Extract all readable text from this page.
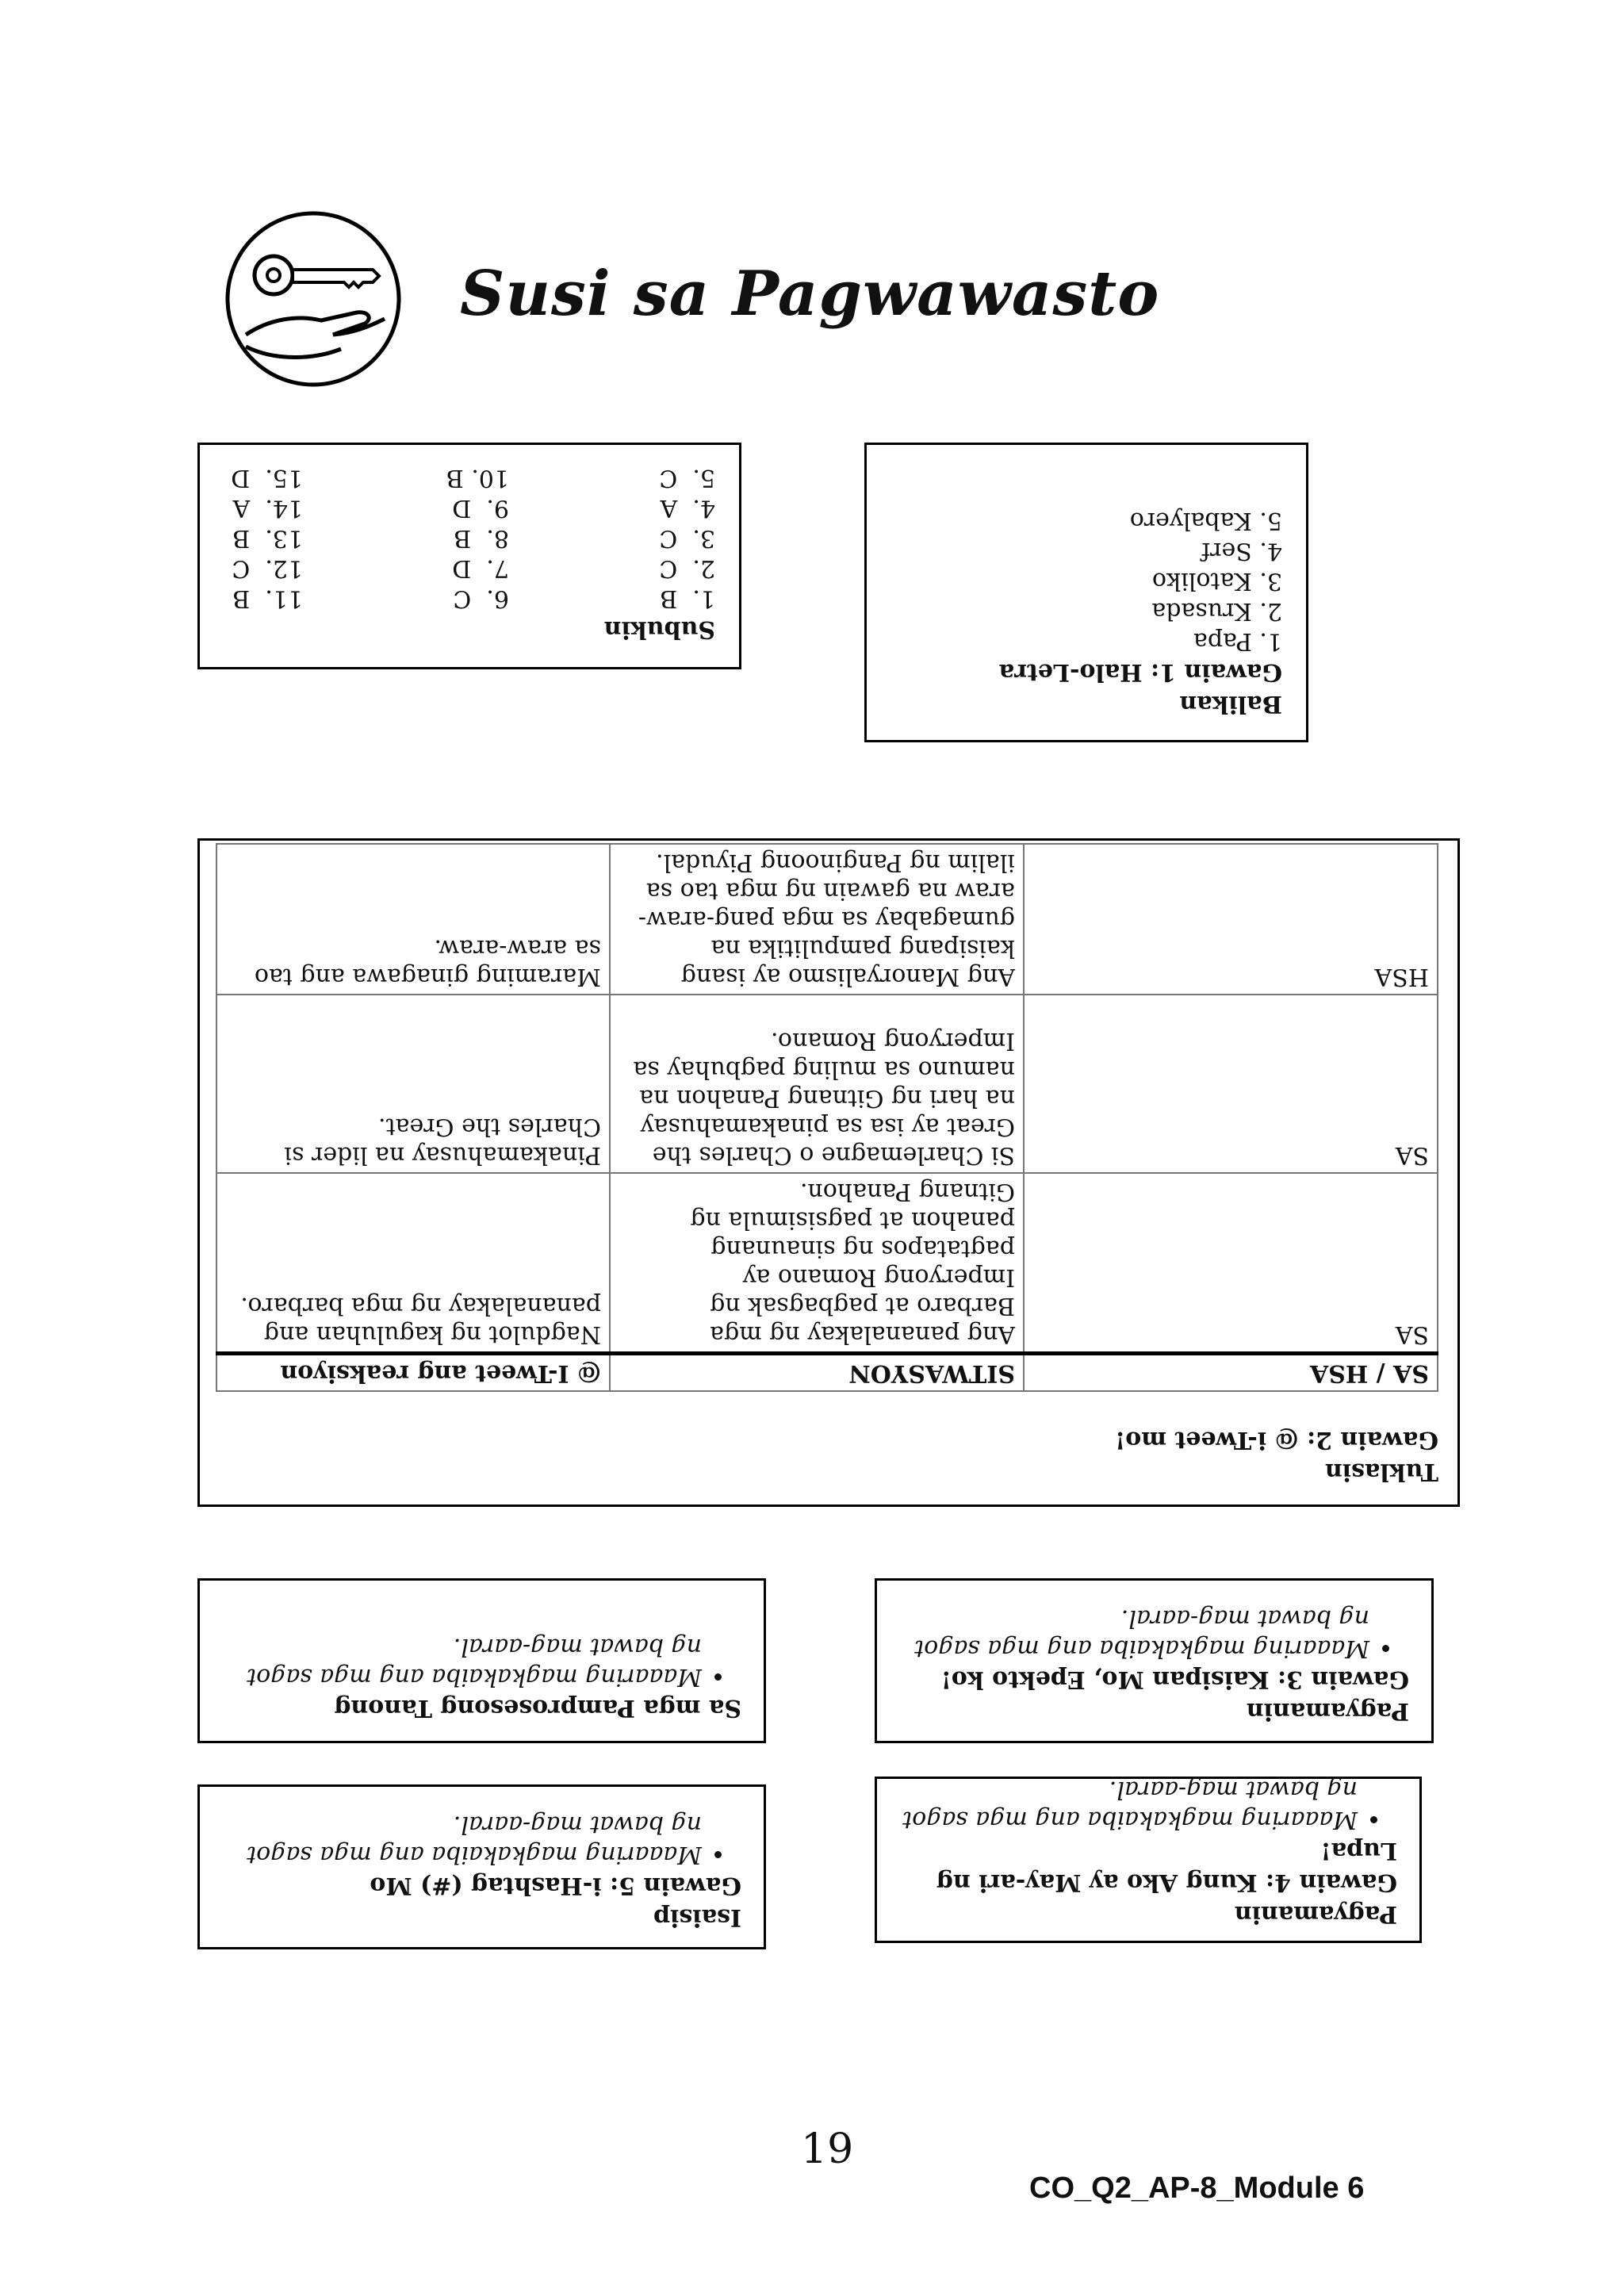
Susi sa Pagwawasto
Subukin
1.  B
6.  C
11.  B
2.  C
7.  D
12.  C
3.  C
8.  B
13.  B
4.  A
9.  D
14.  A
5.  C
10. B
15.  D
Balikan
Gawain 1: Halo-Letra
1. Papa
2. Krusada
3. Katoliko
4. Serf
5. Kabalyero
Tuklasin
Gawain 2: @ i-Tweet mo!
SA / HSA	SITWASYON	@ I-Tweet ang reaksiyon
SA	Ang pananalakay ng mga Barbaro at pagbagsak ng Imperyong Romano ay pagtatapos ng sinaunang panahon at pagsisimula ng Gitnang Panahon.	Nagdulot ng kaguluhan ang pananalakay ng mga barbaro.
SA	Si Charlemagne o Charles the Great ay isa sa pinakamahusay na hari ng Gitnang Panahon na namuno sa muling pagbuhay sa Imperyong Romano.	Pinakamahusay na lider si Charles the Great.
HSA	Ang Manoryalismo ay isang kaisipang pampulitika na gumagabay sa mga pang-araw-araw na gawain ng mga tao sa ilalim ng Panginoong Piyudal.	Maraming ginagawa ang tao sa araw-araw.
Sa mga Pamprosesong Tanong
• Maaaring magkakaiba ang mga sagot ng bawat mag-aaral.
Pagyamanin
Gawain 3: Kaisipan Mo, Epekto ko!
• Maaaring magkakaiba ang mga sagot ng bawat mag-aaral.
Isaisip
Gawain 5: i-Hashtag (#) Mo
• Maaaring magkakaiba ang mga sagot ng bawat mag-aaral.
Pagyamanin
Gawain 4: Kung Ako ay May-ari ng Lupa!
• Maaaring magkakaiba ang mga sagot ng bawat mag-aaral.
19
CO_Q2_AP-8_Module 6
